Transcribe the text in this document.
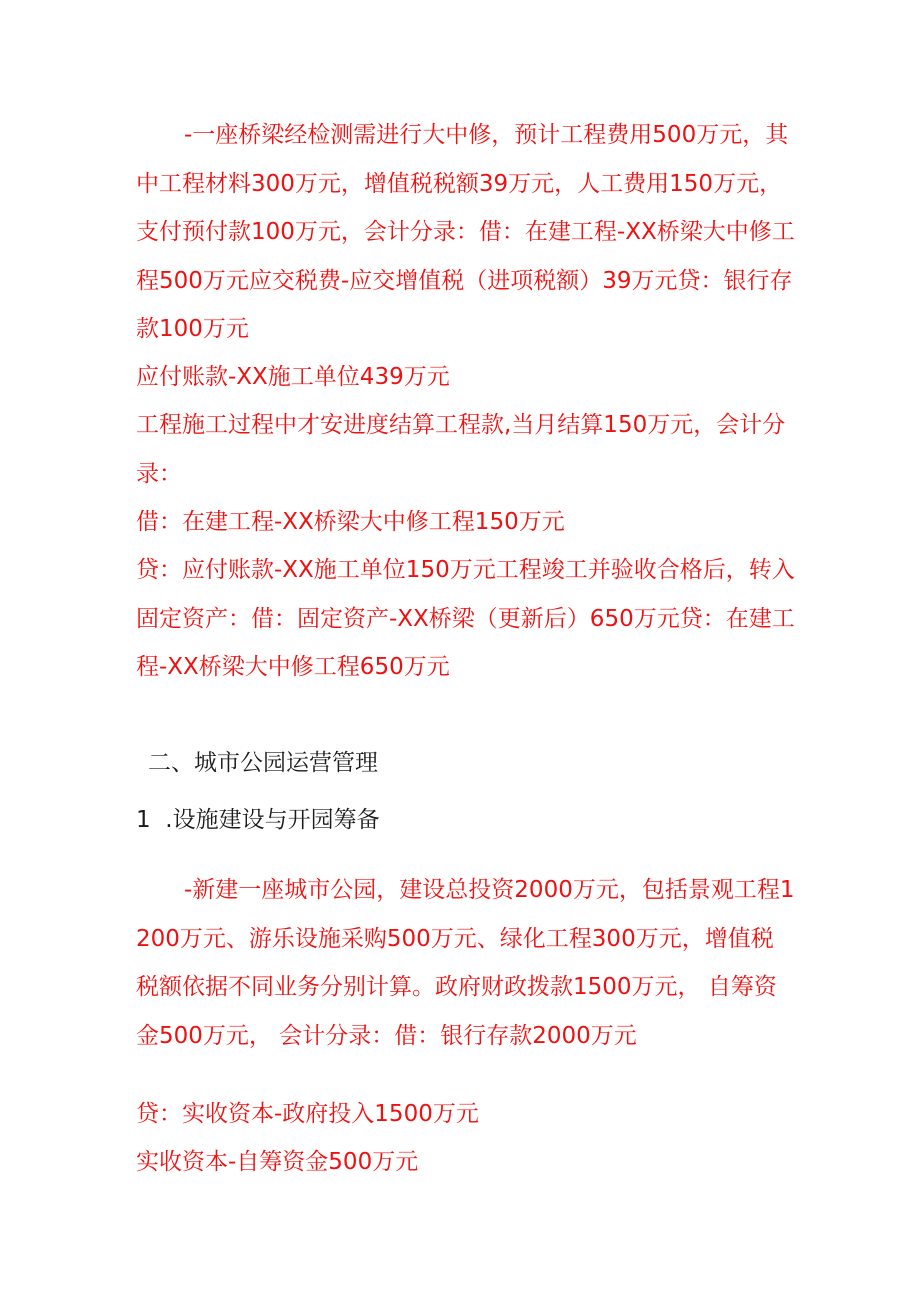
-一座桥梁经检测需进行大中修，预计工程费用500万元，其中工程材料300万元，增值税税额39万元，人工费用150万元，支付预付款100万元，会计分录：借：在建工程-XX桥梁大中修工程500万元应交税费-应交增值税（进项税额）39万元贷：银行存款100万元

应付账款-XX施工单位439万元

工程施工过程中才安进度结算工程款,当月结算150万元，会计分录：

借：在建工程-XX桥梁大中修工程150万元

贷：应付账款-XX施工单位150万元工程竣工并验收合格后，转入固定资产：借：固定资产-XX桥梁（更新后）650万元贷：在建工程-XX桥梁大中修工程650万元

二、城市公园运营管理
1  .设施建设与开园筹备

-新建一座城市公园，建设总投资2000万元，包括景观工程1200万元、游乐设施采购500万元、绿化工程300万元，增值税税额依据不同业务分别计算。政府财政拨款1500万元， 自筹资金500万元， 会计分录：借：银行存款2000万元

贷：实收资本-政府投入1500万元

实收资本-自筹资金500万元
